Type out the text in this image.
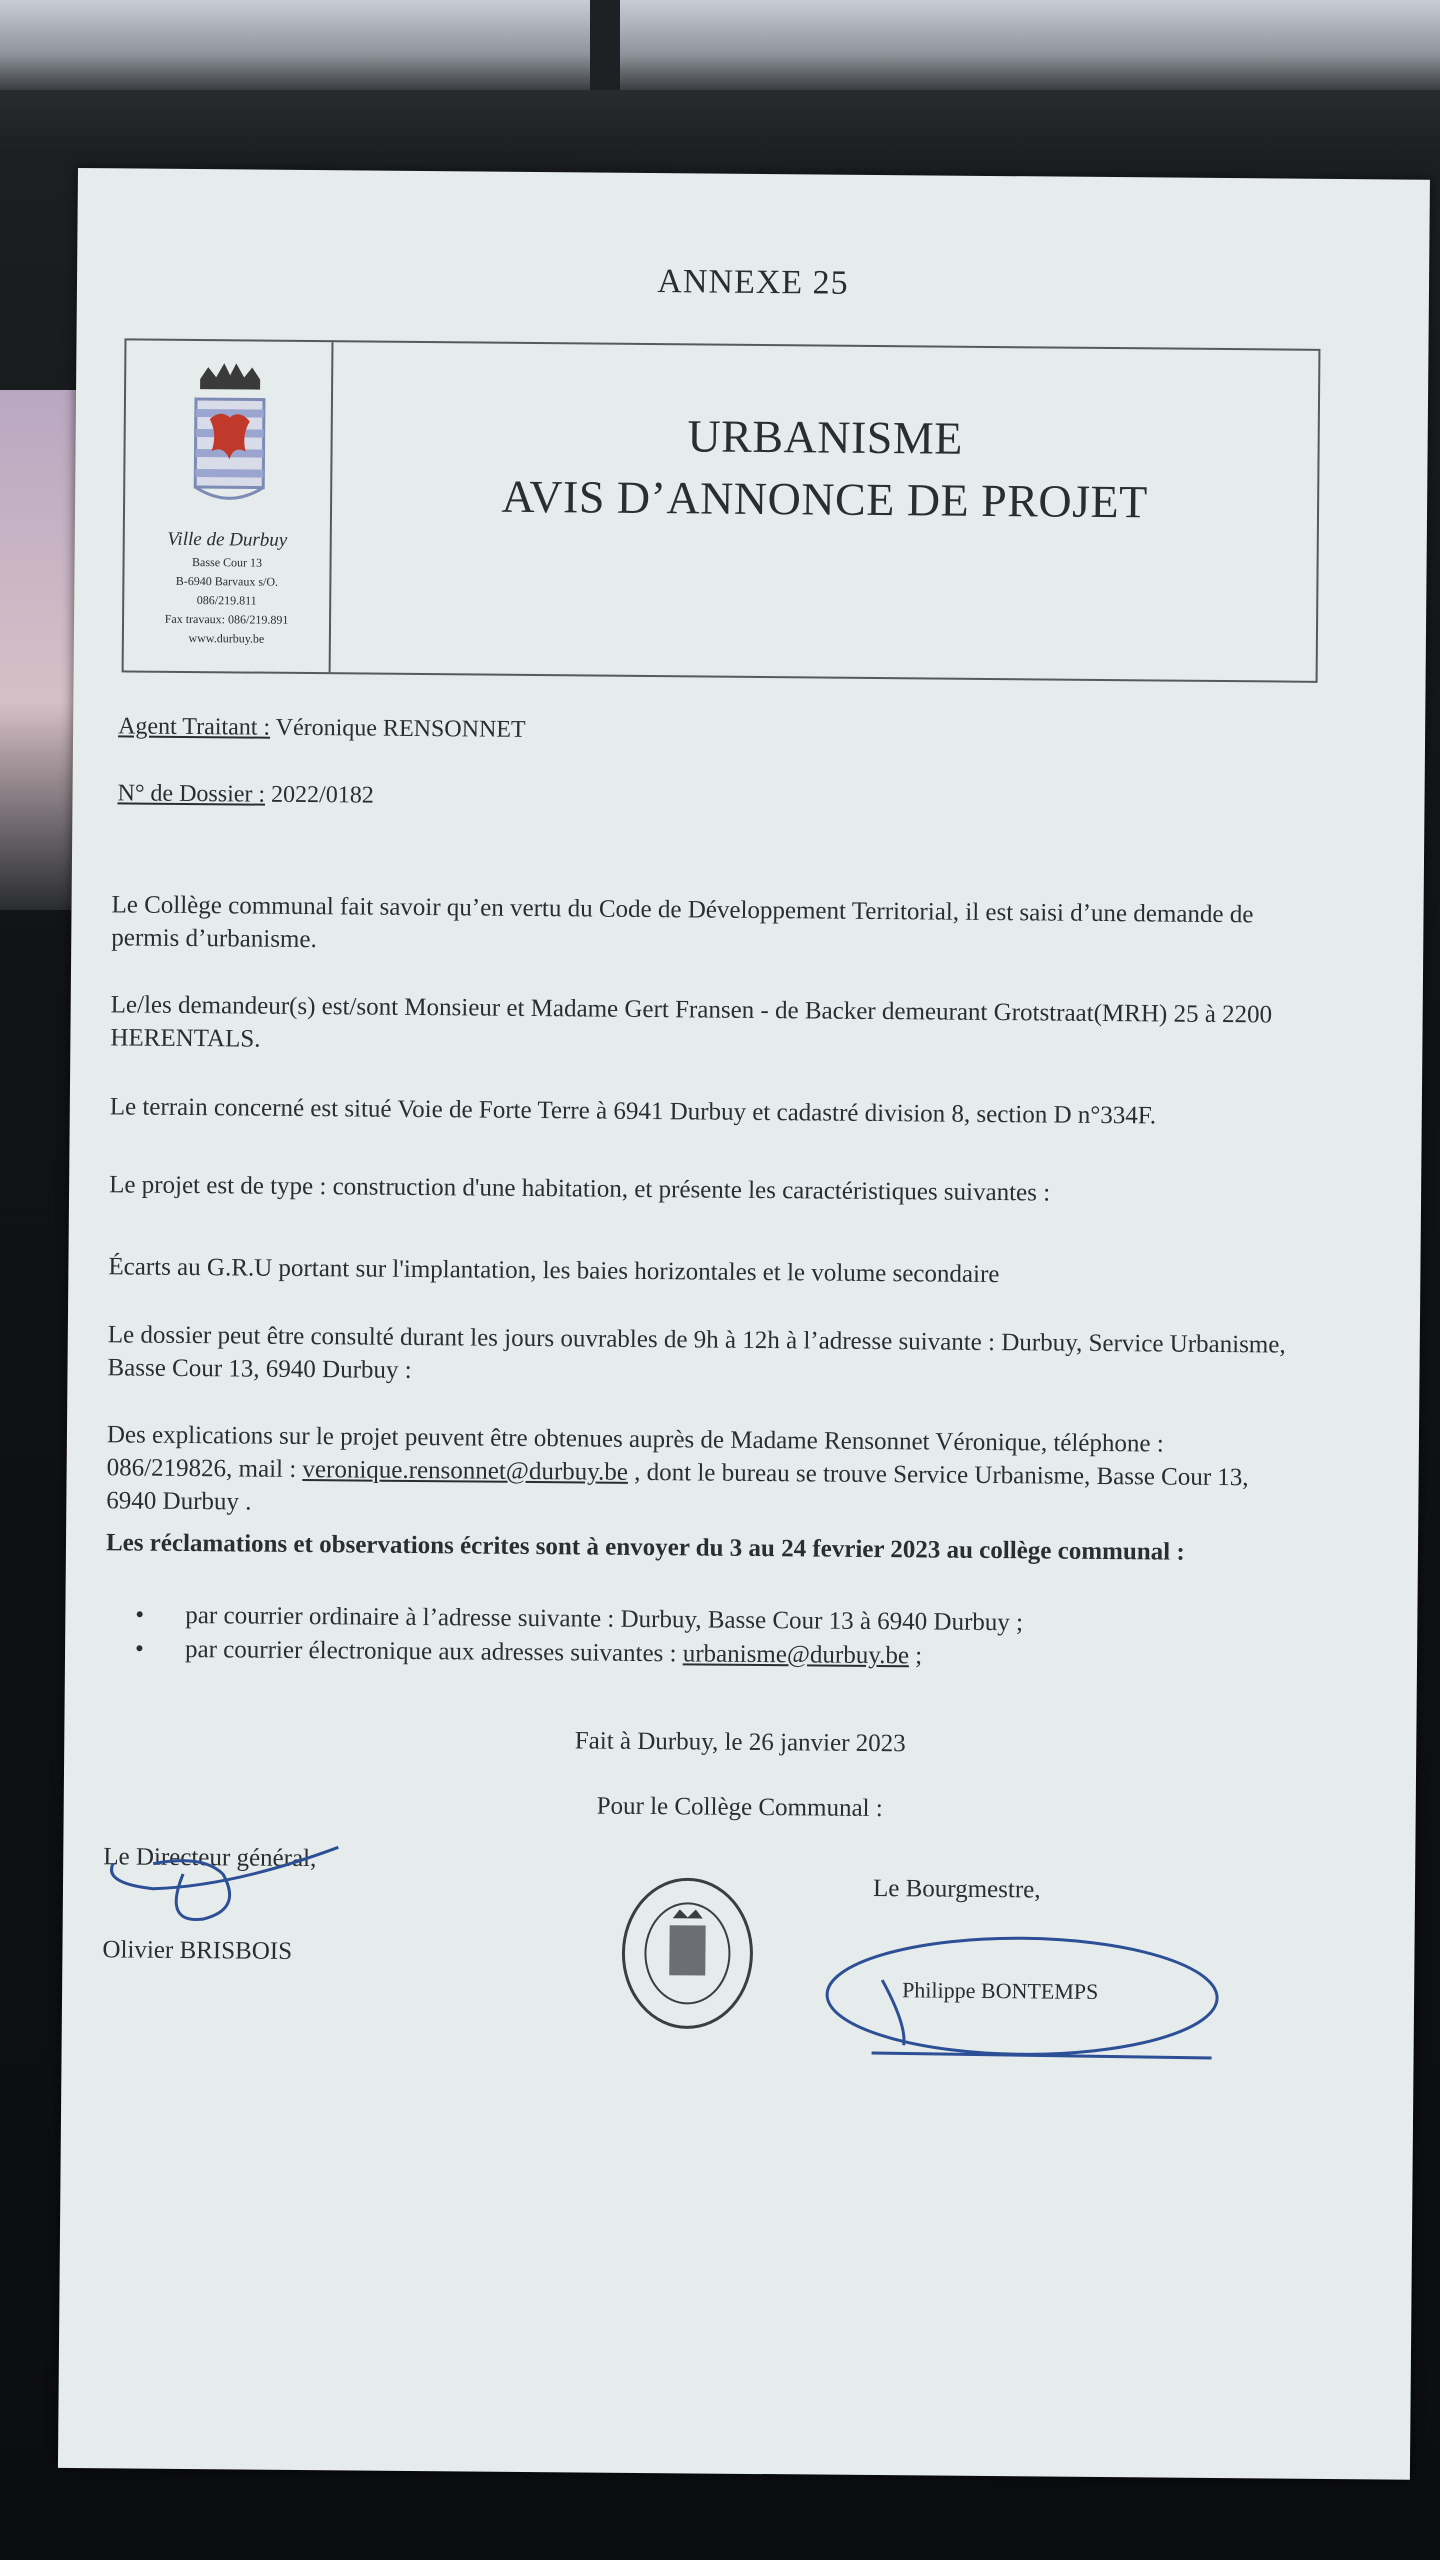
ANNEXE 25
Ville de Durbuy
Basse Cour 13
B-6940 Barvaux s/O.
086/219.811
Fax travaux: 086/219.891
www.durbuy.be
URBANISME
AVIS D’ANNONCE DE PROJET
Agent Traitant : Véronique RENSONNET
N° de Dossier : 2022/0182
Le Collège communal fait savoir qu’en vertu du Code de Développement Territorial, il est saisi d’une demande de permis d’urbanisme.
Le/les demandeur(s) est/sont Monsieur et Madame Gert Fransen - de Backer demeurant Grotstraat(MRH) 25 à 2200 HERENTALS.
Le terrain concerné est situé Voie de Forte Terre à 6941 Durbuy et cadastré division 8, section D n°334F.
Le projet est de type : construction d'une habitation, et présente les caractéristiques suivantes :
Écarts au G.R.U portant sur l'implantation, les baies horizontales et le volume secondaire
Le dossier peut être consulté durant les jours ouvrables de 9h à 12h à l’adresse suivante : Durbuy, Service Urbanisme, Basse Cour 13, 6940 Durbuy :
Des explications sur le projet peuvent être obtenues auprès de Madame Rensonnet Véronique, téléphone : 086/219826, mail : veronique.rensonnet@durbuy.be , dont le bureau se trouve Service Urbanisme, Basse Cour 13, 6940 Durbuy .
Les réclamations et observations écrites sont à envoyer du 3 au 24 fevrier 2023 au collège communal :
• par courrier ordinaire à l’adresse suivante : Durbuy, Basse Cour 13 à 6940 Durbuy ;
• par courrier électronique aux adresses suivantes : urbanisme@durbuy.be ;
Fait à Durbuy, le 26 janvier 2023
Pour le Collège Communal :
Le Directeur général,
Olivier BRISBOIS
Le Bourgmestre,
Philippe BONTEMPS
